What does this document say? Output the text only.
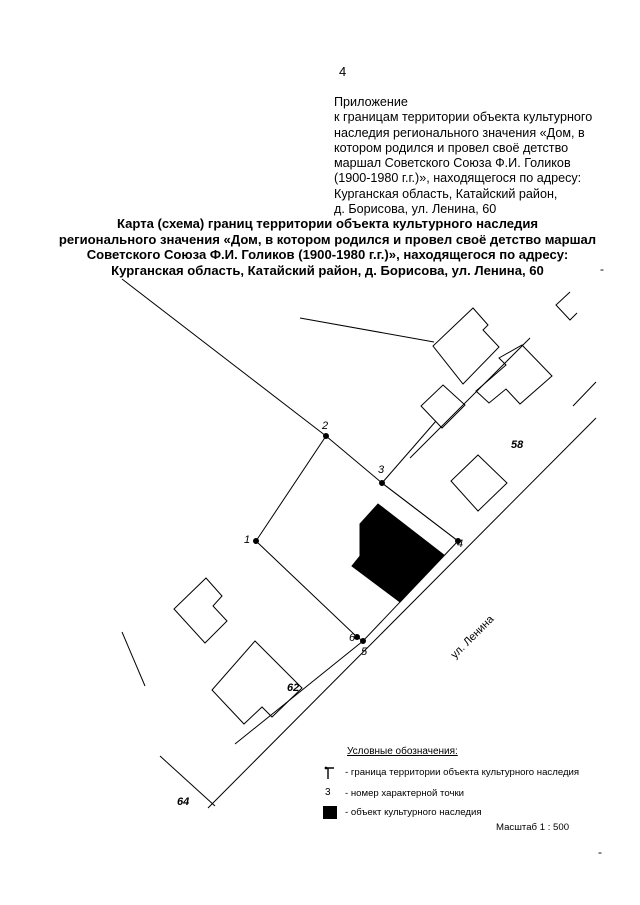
4
Приложение
к границам территории объекта культурного
наследия регионального значения «Дом, в
котором родился и провел своё детство
маршал Советского Союза Ф.И. Голиков
(1900-1980 г.г.)», находящегося по адресу:
Курганская область, Катайский район,
д. Борисова, ул. Ленина, 60
Карта (схема) границ территории объекта культурного наследия
регионального значения «Дом, в котором родился и провел своё детство маршал
Советского Союза Ф.И. Голиков (1900-1980 г.г.)», находящегося по адресу:
Курганская область, Катайский район, д. Борисова, ул. Ленина, 60	-
-
1
2
3
4
5
6
58
62
64
ул. Ленина
Условные обозначения:
- граница территории объекта культурного наследия
3	- номер характерной точки
- объект культурного наследия
Масштаб 1 : 500
